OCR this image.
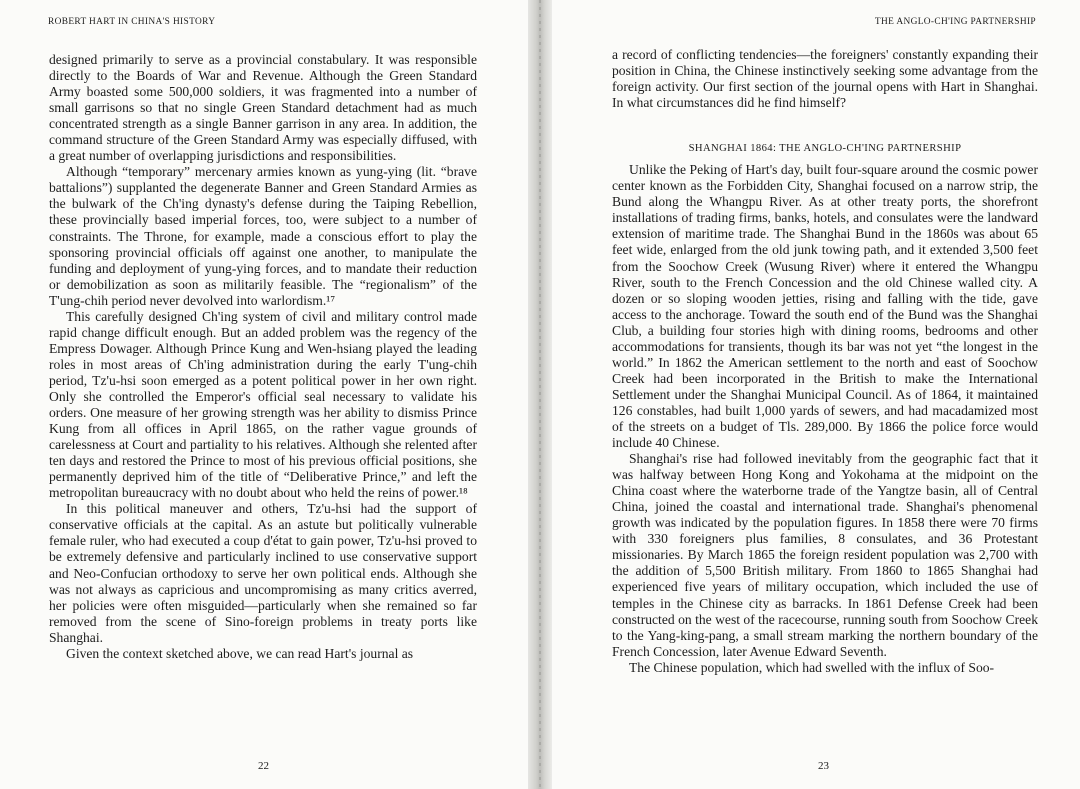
ROBERT HART IN CHINA'S HISTORY

designed primarily to serve as a provincial constabulary. It was responsible directly to the Boards of War and Revenue. Although the Green Standard Army boasted some 500,000 soldiers, it was fragmented into a number of small garrisons so that no single Green Standard detachment had as much concentrated strength as a single Banner garrison in any area. In addition, the command structure of the Green Standard Army was especially diffused, with a great number of overlapping jurisdictions and responsibilities.

Although “temporary” mercenary armies known as yung-ying (lit. “brave battalions”) supplanted the degenerate Banner and Green Standard Armies as the bulwark of the Ch'ing dynasty's defense during the Taiping Rebellion, these provincially based imperial forces, too, were subject to a number of constraints. The Throne, for example, made a conscious effort to play the sponsoring provincial officials off against one another, to manipulate the funding and deployment of yung-ying forces, and to mandate their reduction or demobilization as soon as militarily feasible. The “regionalism” of the T'ung-chih period never devolved into warlordism.¹⁷

This carefully designed Ch'ing system of civil and military control made rapid change difficult enough. But an added problem was the regency of the Empress Dowager. Although Prince Kung and Wen-hsiang played the leading roles in most areas of Ch'ing administration during the early T'ung-chih period, Tz'u-hsi soon emerged as a potent political power in her own right. Only she controlled the Emperor's official seal necessary to validate his orders. One measure of her growing strength was her ability to dismiss Prince Kung from all offices in April 1865, on the rather vague grounds of carelessness at Court and partiality to his relatives. Although she relented after ten days and restored the Prince to most of his previous official positions, she permanently deprived him of the title of “Deliberative Prince,” and left the metropolitan bureaucracy with no doubt about who held the reins of power.¹⁸

In this political maneuver and others, Tz'u-hsi had the support of conservative officials at the capital. As an astute but politically vulnerable female ruler, who had executed a coup d'état to gain power, Tz'u-hsi proved to be extremely defensive and particularly inclined to use conservative support and Neo-Confucian orthodoxy to serve her own political ends. Although she was not always as capricious and uncompromising as many critics averred, her policies were often misguided—particularly when she remained so far removed from the scene of Sino-foreign problems in treaty ports like Shanghai.

Given the context sketched above, we can read Hart's journal as

22
THE ANGLO-CH'ING PARTNERSHIP

a record of conflicting tendencies—the foreigners' constantly expanding their position in China, the Chinese instinctively seeking some advantage from the foreign activity. Our first section of the journal opens with Hart in Shanghai. In what circumstances did he find himself?

SHANGHAI 1864: THE ANGLO-CH'ING PARTNERSHIP

Unlike the Peking of Hart's day, built four-square around the cosmic power center known as the Forbidden City, Shanghai focused on a narrow strip, the Bund along the Whangpu River. As at other treaty ports, the shorefront installations of trading firms, banks, hotels, and consulates were the landward extension of maritime trade. The Shanghai Bund in the 1860s was about 65 feet wide, enlarged from the old junk towing path, and it extended 3,500 feet from the Soochow Creek (Wusung River) where it entered the Whangpu River, south to the French Concession and the old Chinese walled city. A dozen or so sloping wooden jetties, rising and falling with the tide, gave access to the anchorage. Toward the south end of the Bund was the Shanghai Club, a building four stories high with dining rooms, bedrooms and other accommodations for transients, though its bar was not yet “the longest in the world.” In 1862 the American settlement to the north and east of Soochow Creek had been incorporated in the British to make the International Settlement under the Shanghai Municipal Council. As of 1864, it maintained 126 constables, had built 1,000 yards of sewers, and had macadamized most of the streets on a budget of Tls. 289,000. By 1866 the police force would include 40 Chinese.

Shanghai's rise had followed inevitably from the geographic fact that it was halfway between Hong Kong and Yokohama at the midpoint on the China coast where the waterborne trade of the Yangtze basin, all of Central China, joined the coastal and international trade. Shanghai's phenomenal growth was indicated by the population figures. In 1858 there were 70 firms with 330 foreigners plus families, 8 consulates, and 36 Protestant missionaries. By March 1865 the foreign resident population was 2,700 with the addition of 5,500 British military. From 1860 to 1865 Shanghai had experienced five years of military occupation, which included the use of temples in the Chinese city as barracks. In 1861 Defense Creek had been constructed on the west of the racecourse, running south from Soochow Creek to the Yang-king-pang, a small stream marking the northern boundary of the French Concession, later Avenue Edward Seventh.

The Chinese population, which had swelled with the influx of Soo-

23
